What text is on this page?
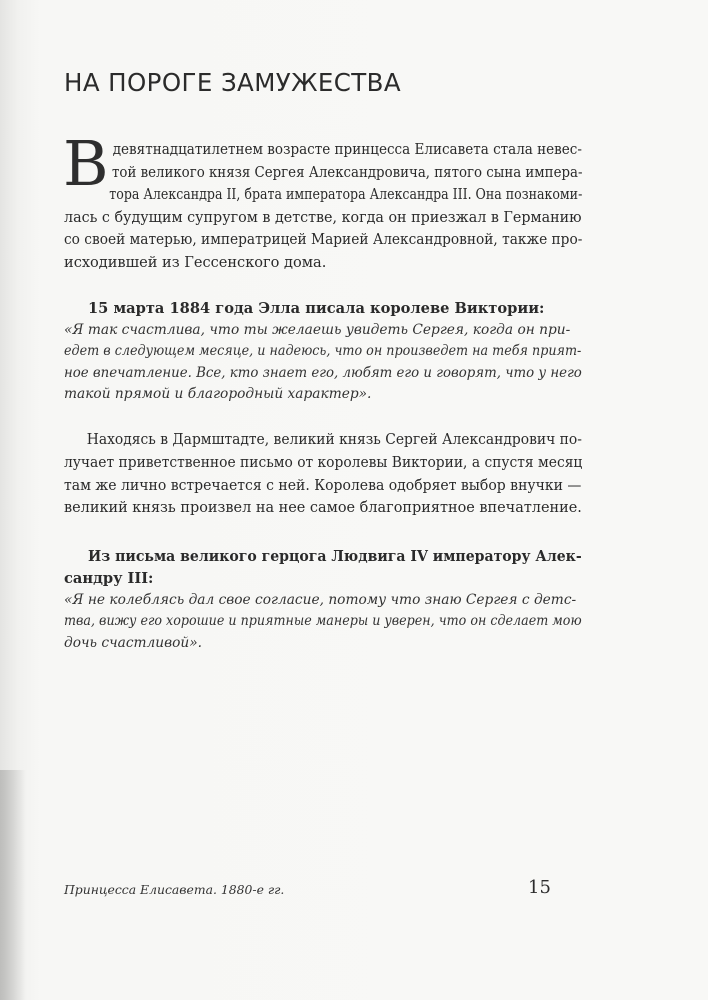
НА ПОРОГЕ ЗАМУЖЕСТВА
В девятнадцатилетнем возрасте принцесса Елисавета стала невес-
той великого князя Сергея Александровича, пятого сына импера-
тора Александра II, брата императора Александра III. Она познакоми-
лась с будущим супругом в детстве, когда он приезжал в Германию
со своей матерью, императрицей Марией Александровной, также про-
исходившей из Гессенского дома.
15 марта 1884 года Элла писала королеве Виктории:
«Я так счастлива, что ты желаешь увидеть Сергея, когда он при-
едет в следующем месяце, и надеюсь, что он произведет на тебя прият-
ное впечатление. Все, кто знает его, любят его и говорят, что у него
такой прямой и благородный характер».
Находясь в Дармштадте, великий князь Сергей Александрович по-
лучает приветственное письмо от королевы Виктории, а спустя месяц
там же лично встречается с ней. Королева одобряет выбор внучки —
великий князь произвел на нее самое благоприятное впечатление.
Из письма великого герцога Людвига IV императору Алек-
сандру III:
«Я не колеблясь дал свое согласие, потому что знаю Сергея с детс-
тва, вижу его хорошие и приятные манеры и уверен, что он сделает мою
дочь счастливой».
Принцесса Елисавета. 1880-е гг.	15
